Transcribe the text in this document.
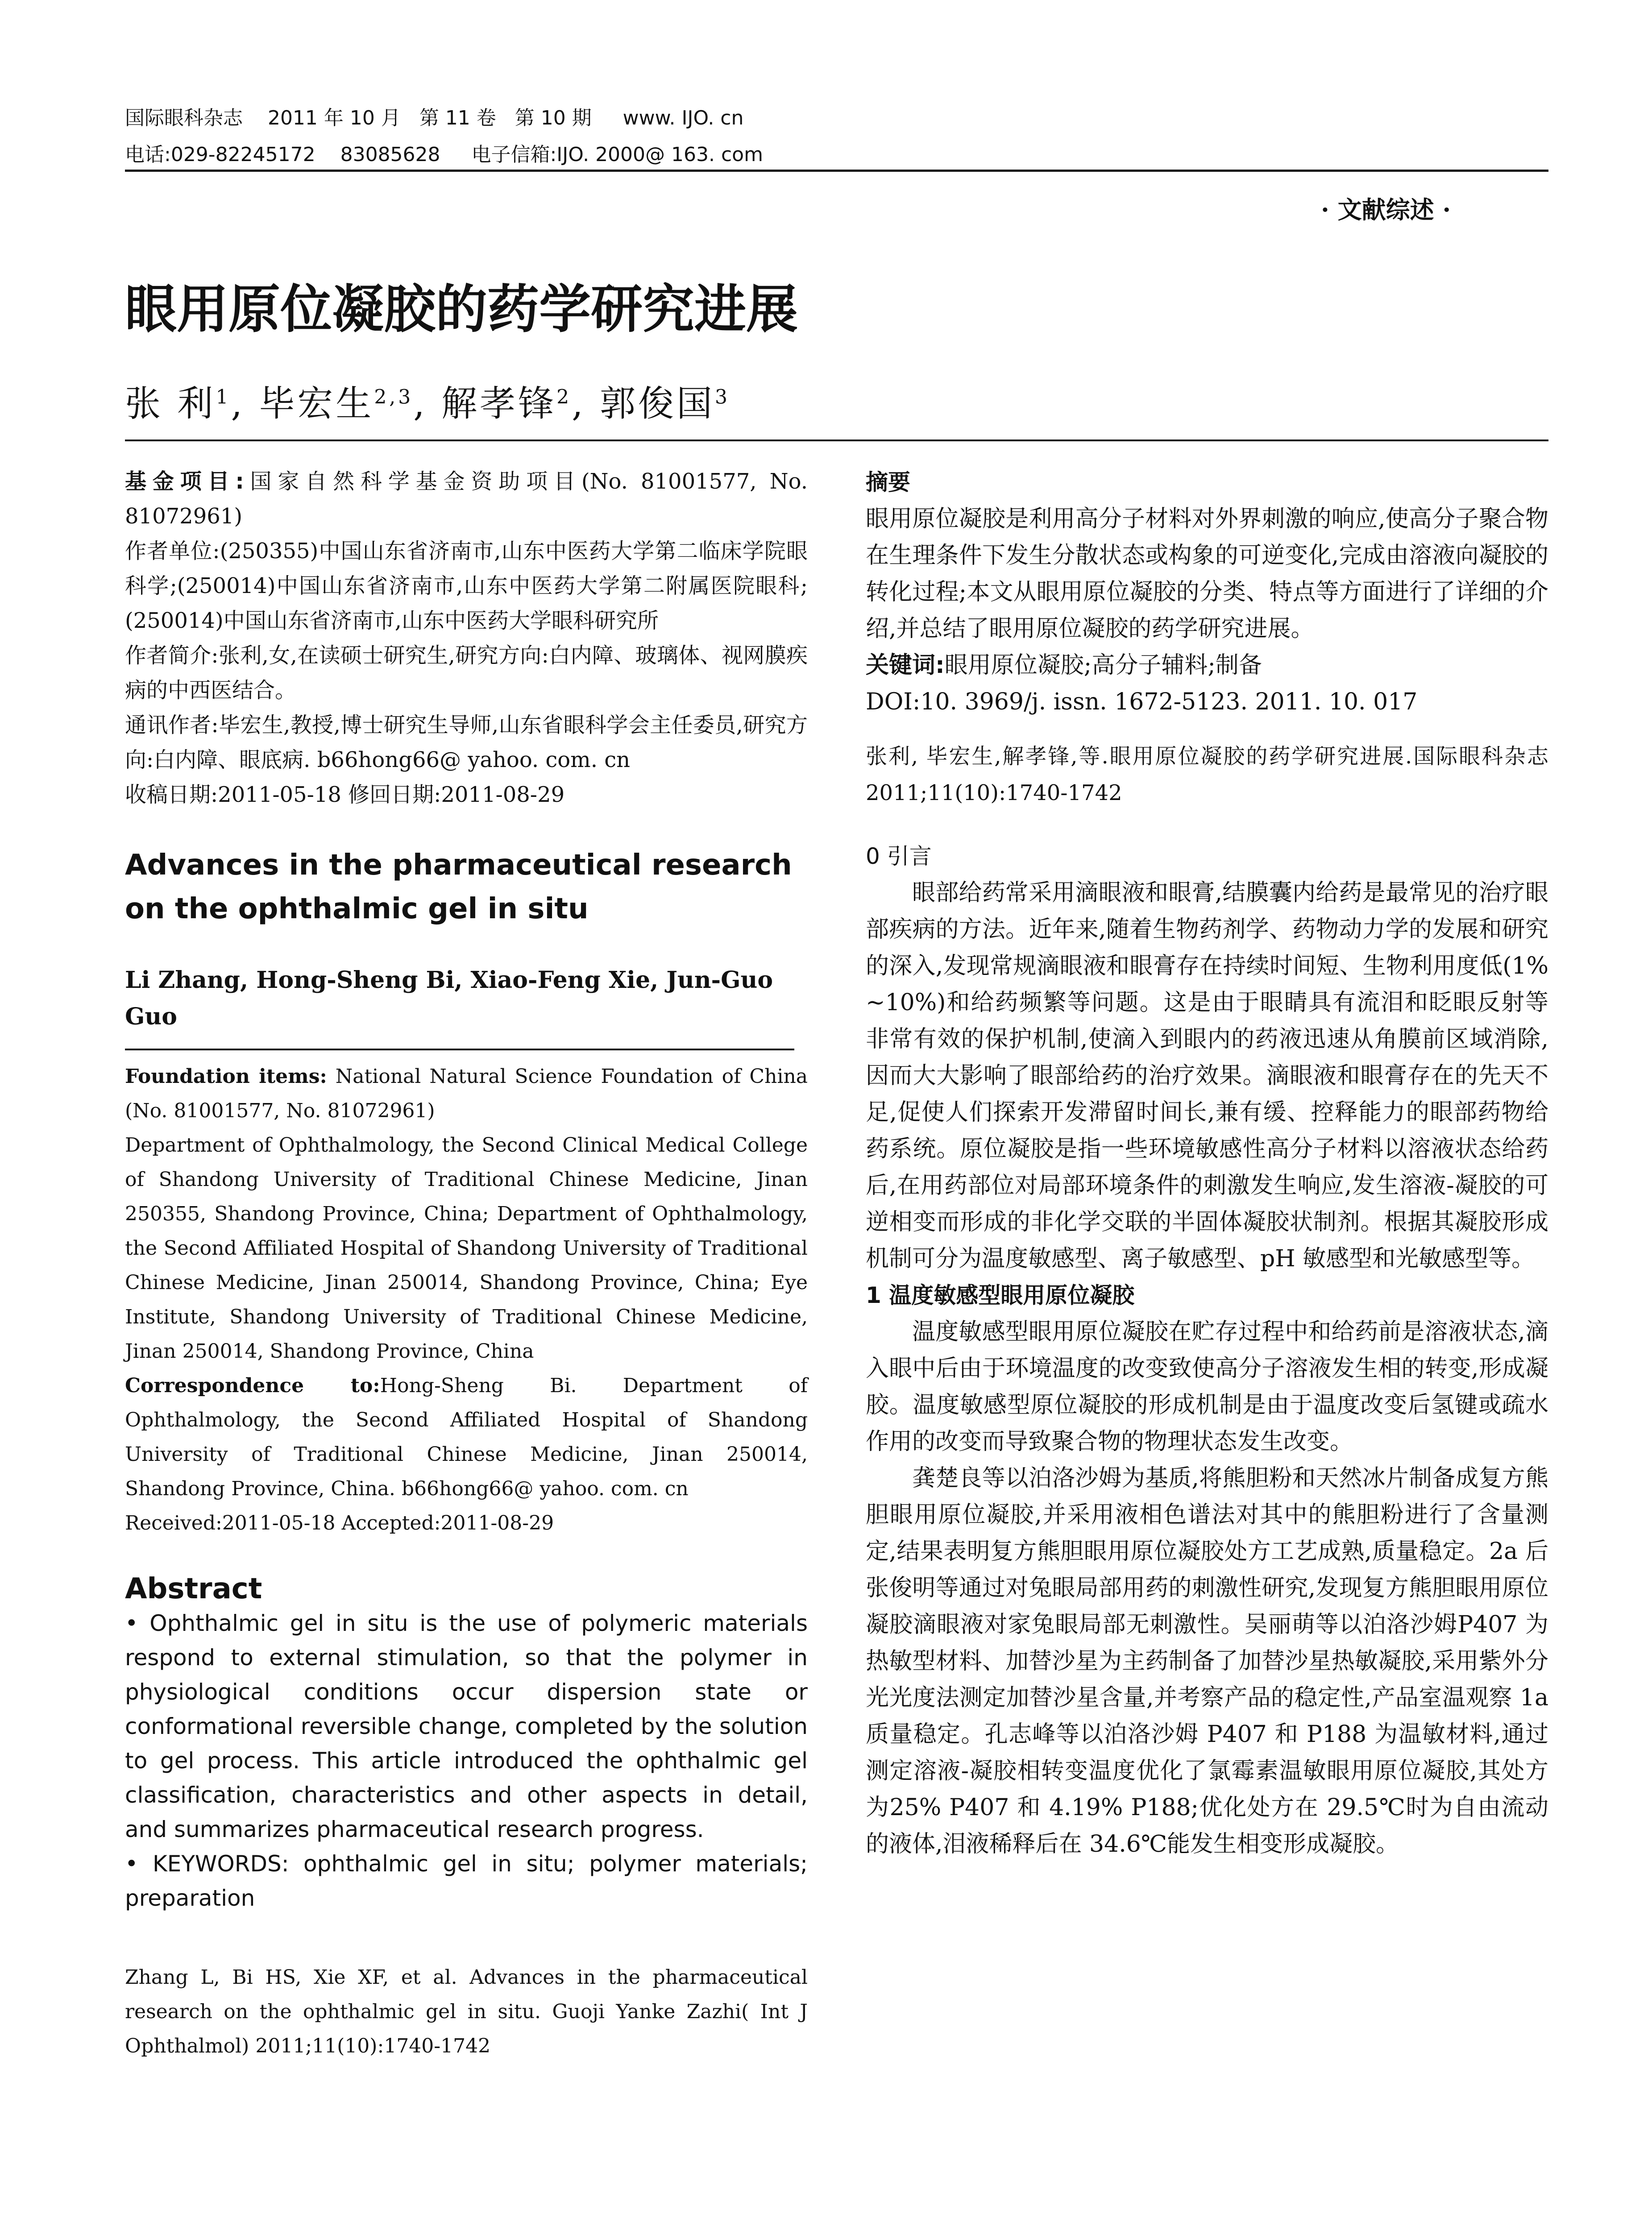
国际眼科杂志    2011 年 10 月   第 11 卷   第 10 期     www. IJO. cn
电话:029-82245172    83085628     电子信箱:IJO. 2000@ 163. com
· 文献综述 ·
眼用原位凝胶的药学研究进展
张 利$^1$, 毕宏生$^{2,3}$, 解孝锋$^2$, 郭俊国$^3$

基金项目:国家自然科学基金资助项目(No. 81001577, No. 81072961)

作者单位:(250355)中国山东省济南市,山东中医药大学第二临床学院眼科学;(250014)中国山东省济南市,山东中医药大学第二附属医院眼科;(250014)中国山东省济南市,山东中医药大学眼科研究所

作者简介:张利,女,在读硕士研究生,研究方向:白内障、玻璃体、视网膜疾病的中西医结合。

通讯作者:毕宏生,教授,博士研究生导师,山东省眼科学会主任委员,研究方向:白内障、眼底病. b66hong66@ yahoo. com. cn

收稿日期:2011-05-18 修回日期:2011-08-29

Advances in the pharmaceutical research on the ophthalmic gel in situ
Li Zhang, Hong-Sheng Bi, Xiao-Feng Xie, Jun-Guo Guo

Foundation items: National Natural Science Foundation of China (No. 81001577, No. 81072961)

Department of Ophthalmology, the Second Clinical Medical College of Shandong University of Traditional Chinese Medicine, Jinan 250355, Shandong Province, China; Department of Ophthalmology, the Second Affiliated Hospital of Shandong University of Traditional Chinese Medicine, Jinan 250014, Shandong Province, China; Eye Institute, Shandong University of Traditional Chinese Medicine, Jinan 250014, Shandong Province, China

Correspondence to:Hong-Sheng Bi. Department of Ophthalmology, the Second Affiliated Hospital of Shandong University of Traditional Chinese Medicine, Jinan 250014, Shandong Province, China. b66hong66@ yahoo. com. cn

Received:2011-05-18 Accepted:2011-08-29

Abstract

• Ophthalmic gel in situ is the use of polymeric materials respond to external stimulation, so that the polymer in physiological conditions occur dispersion state or conformational reversible change, completed by the solution to gel process. This article introduced the ophthalmic gel classification, characteristics and other aspects in detail, and summarizes pharmaceutical research progress.

• KEYWORDS: ophthalmic gel in situ; polymer materials; preparation

Zhang L, Bi HS, Xie XF, et al. Advances in the pharmaceutical research on the ophthalmic gel in situ. Guoji Yanke Zazhi( Int J Ophthalmol) 2011;11(10):1740-1742

摘要

眼用原位凝胶是利用高分子材料对外界刺激的响应,使高分子聚合物在生理条件下发生分散状态或构象的可逆变化,完成由溶液向凝胶的转化过程;本文从眼用原位凝胶的分类、特点等方面进行了详细的介绍,并总结了眼用原位凝胶的药学研究进展。

关键词:眼用原位凝胶;高分子辅料;制备

DOI:10. 3969/j. issn. 1672-5123. 2011. 10. 017

张利, 毕宏生,解孝锋,等.眼用原位凝胶的药学研究进展.国际眼科杂志 2011;11(10):1740-1742

0 引言

眼部给药常采用滴眼液和眼膏,结膜囊内给药是最常见的治疗眼部疾病的方法。近年来,随着生物药剂学、药物动力学的发展和研究的深入,发现常规滴眼液和眼膏存在持续时间短、生物利用度低(1% ~10%)和给药频繁等问题。这是由于眼睛具有流泪和眨眼反射等非常有效的保护机制,使滴入到眼内的药液迅速从角膜前区域消除,因而大大影响了眼部给药的治疗效果。滴眼液和眼膏存在的先天不足,促使人们探索开发滞留时间长,兼有缓、控释能力的眼部药物给药系统。原位凝胶是指一些环境敏感性高分子材料以溶液状态给药后,在用药部位对局部环境条件的刺激发生响应,发生溶液-凝胶的可逆相变而形成的非化学交联的半固体凝胶状制剂。根据其凝胶形成机制可分为温度敏感型、离子敏感型、pH 敏感型和光敏感型等。

1 温度敏感型眼用原位凝胶

温度敏感型眼用原位凝胶在贮存过程中和给药前是溶液状态,滴入眼中后由于环境温度的改变致使高分子溶液发生相的转变,形成凝胶。温度敏感型原位凝胶的形成机制是由于温度改变后氢键或疏水作用的改变而导致聚合物的物理状态发生改变。

龚楚良等以泊洛沙姆为基质,将熊胆粉和天然冰片制备成复方熊胆眼用原位凝胶,并采用液相色谱法对其中的熊胆粉进行了含量测定,结果表明复方熊胆眼用原位凝胶处方工艺成熟,质量稳定。2a 后张俊明等通过对兔眼局部用药的刺激性研究,发现复方熊胆眼用原位凝胶滴眼液对家兔眼局部无刺激性。吴丽萌等以泊洛沙姆P407 为热敏型材料、加替沙星为主药制备了加替沙星热敏凝胶,采用紫外分光光度法测定加替沙星含量,并考察产品的稳定性,产品室温观察 1a 质量稳定。孔志峰等以泊洛沙姆 P407 和 P188 为温敏材料,通过测定溶液-凝胶相转变温度优化了氯霉素温敏眼用原位凝胶,其处方为25% P407 和 4.19% P188;优化处方在 29.5℃时为自由流动的液体,泪液稀释后在 34.6℃能发生相变形成凝胶。
